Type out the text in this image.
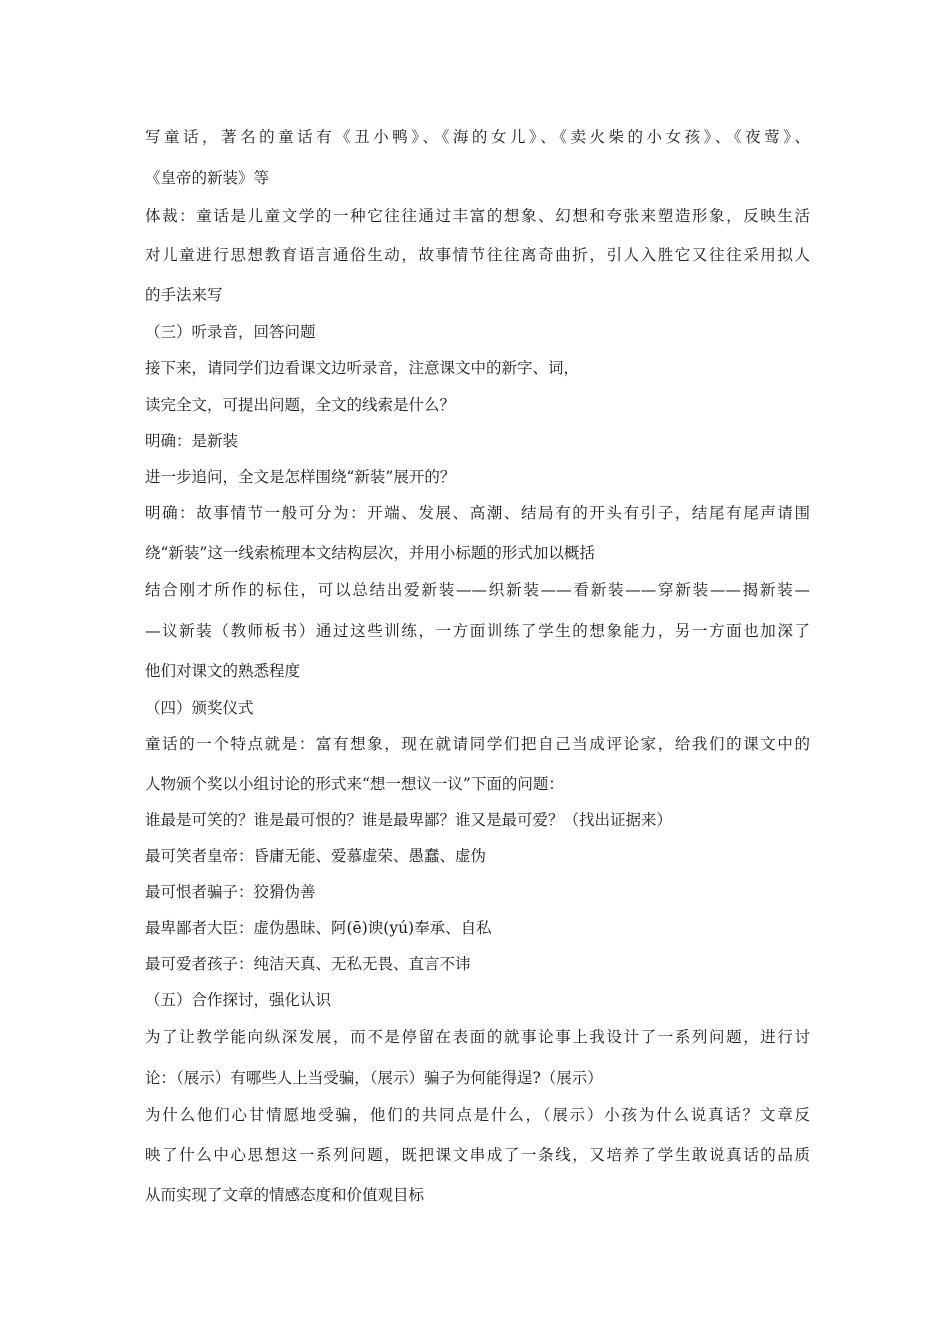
写童话，著名的童话有《丑小鸭》、《海的女儿》、《卖火柴的小女孩》、《夜莺》、
《皇帝的新装》等
体裁：童话是儿童文学的一种它往往通过丰富的想象、幻想和夸张来塑造形象，反映生活
对儿童进行思想教育语言通俗生动，故事情节往往离奇曲折，引人入胜它又往往采用拟人
的手法来写
（三）听录音，回答问题
接下来，请同学们边看课文边听录音，注意课文中的新字、词，
读完全文，可提出问题，全文的线索是什么？
明确：是新装
进一步追问，全文是怎样围绕“新装”展开的？
明确：故事情节一般可分为：开端、发展、高潮、结局有的开头有引子，结尾有尾声请围
绕“新装”这一线索梳理本文结构层次，并用小标题的形式加以概括
结合刚才所作的标住，可以总结出爱新装——织新装——看新装——穿新装——揭新装—
—议新装（教师板书）通过这些训练，一方面训练了学生的想象能力，另一方面也加深了
他们对课文的熟悉程度
（四）颁奖仪式
童话的一个特点就是：富有想象，现在就请同学们把自己当成评论家，给我们的课文中的
人物颁个奖以小组讨论的形式来“想一想议一议”下面的问题：
谁最是可笑的？谁是最可恨的？谁是最卑鄙？谁又是最可爱？（找出证据来）
最可笑者皇帝：昏庸无能、爱慕虚荣、愚蠢、虚伪
最可恨者骗子：狡猾伪善
最卑鄙者大臣：虚伪愚昧、阿(ē)谀(yú)奉承、自私
最可爱者孩子：纯洁天真、无私无畏、直言不讳
（五）合作探讨，强化认识
为了让教学能向纵深发展，而不是停留在表面的就事论事上我设计了一系列问题，进行讨
论：（展示）有哪些人上当受骗，（展示）骗子为何能得逞?（展示）
为什么他们心甘情愿地受骗，他们的共同点是什么，（展示）小孩为什么说真话？文章反
映了什么中心思想这一系列问题，既把课文串成了一条线，又培养了学生敢说真话的品质
从而实现了文章的情感态度和价值观目标
